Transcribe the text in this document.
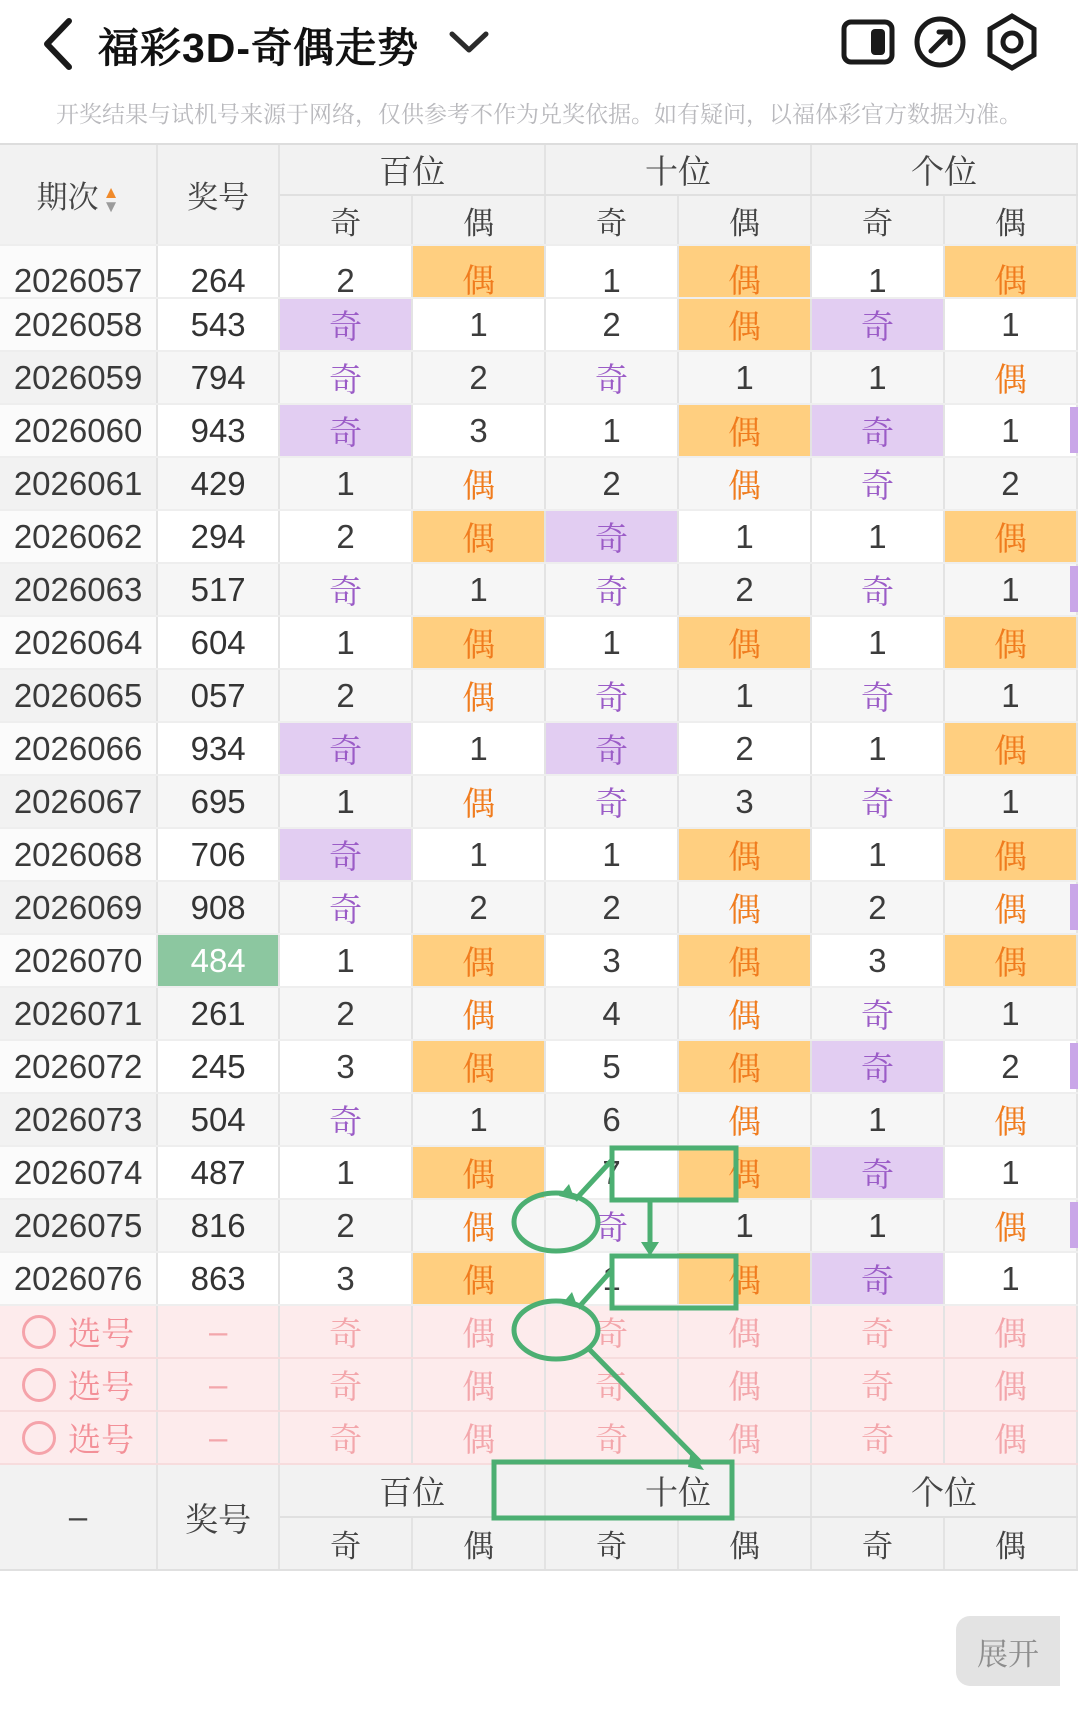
福彩3D-奇偶走势
开奖结果与试机号来源于网络，仅供参考不作为兑奖依据。如有疑问，以福体彩官方数据为准。
期次 ▲
▼	奖号	百位		十位		个位	
		奇	偶	奇	偶	奇	偶

2026057	264	2	偶	1	偶	1	偶

2026058	543	奇	1	2	偶	奇	1
2026059	794	奇	2	奇	1	1	偶
2026060	943	奇	3	1	偶	奇	1
2026061	429	1	偶	2	偶	奇	2
2026062	294	2	偶	奇	1	1	偶
2026063	517	奇	1	奇	2	奇	1
2026064	604	1	偶	1	偶	1	偶
2026065	057	2	偶	奇	1	奇	1
2026066	934	奇	1	奇	2	1	偶
2026067	695	1	偶	奇	3	奇	1
2026068	706	奇	1	1	偶	1	偶
2026069	908	奇	2	2	偶	2	偶
2026070	484	1	偶	3	偶	3	偶
2026071	261	2	偶	4	偶	奇	1
2026072	245	3	偶	5	偶	奇	2
2026073	504	奇	1	6	偶	1	偶
2026074	487	1	偶	7	偶	奇	1
2026075	816	2	偶	奇	1	1	偶
2026076	863	3	偶	1	偶	奇	1

选号	–	奇	偶	奇	偶	奇	偶

选号	–	奇	偶	奇	偶	奇	偶

选号	–	奇	偶	奇	偶	奇	偶
–	奖号	百位		十位		个位	
		奇	偶	奇	偶	奇	偶
展开
